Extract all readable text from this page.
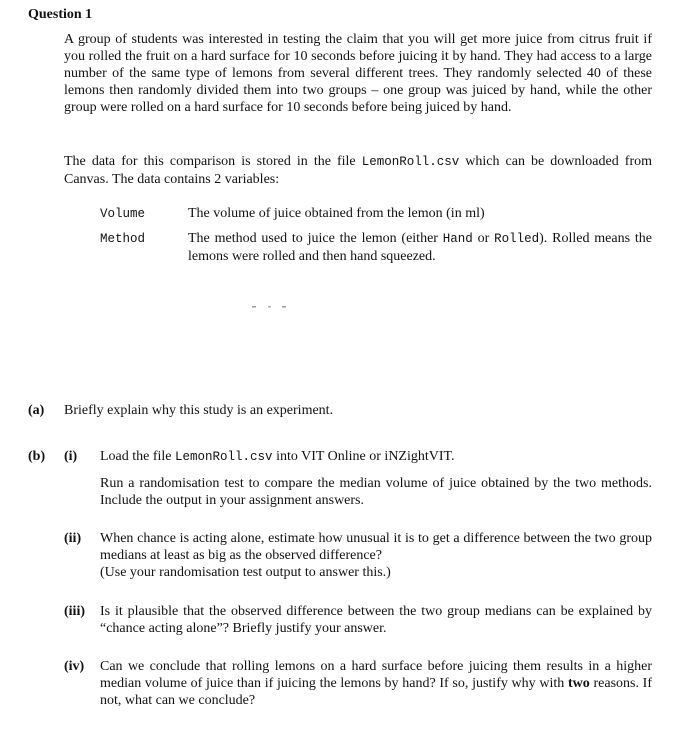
Question 1
A group of students was interested in testing the claim that you will get more juice from citrus fruit if you rolled the fruit on a hard surface for 10 seconds before juicing it by hand. They had access to a large number of the same type of lemons from several different trees. They randomly selected 40 of these lemons then randomly divided them into two groups – one group was juiced by hand, while the other group were rolled on a hard surface for 10 seconds before being juiced by hand.
The data for this comparison is stored in the file LemonRoll.csv which can be downloaded from Canvas. The data contains 2 variables:
Volume	The volume of juice obtained from the lemon (in ml)
Method	The method used to juice the lemon (either Hand or Rolled). Rolled means the lemons were rolled and then hand squeezed.
(a) Briefly explain why this study is an experiment.
(b) (i) Load the file LemonRoll.csv into VIT Online or iNZightVIT.
Run a randomisation test to compare the median volume of juice obtained by the two methods. Include the output in your assignment answers.
(ii) When chance is acting alone, estimate how unusual it is to get a difference between the two group medians at least as big as the observed difference?
(Use your randomisation test output to answer this.)
(iii) Is it plausible that the observed difference between the two group medians can be explained by “chance acting alone”? Briefly justify your answer.
(iv) Can we conclude that rolling lemons on a hard surface before juicing them results in a higher median volume of juice than if juicing the lemons by hand? If so, justify why with two reasons. If not, what can we conclude?
